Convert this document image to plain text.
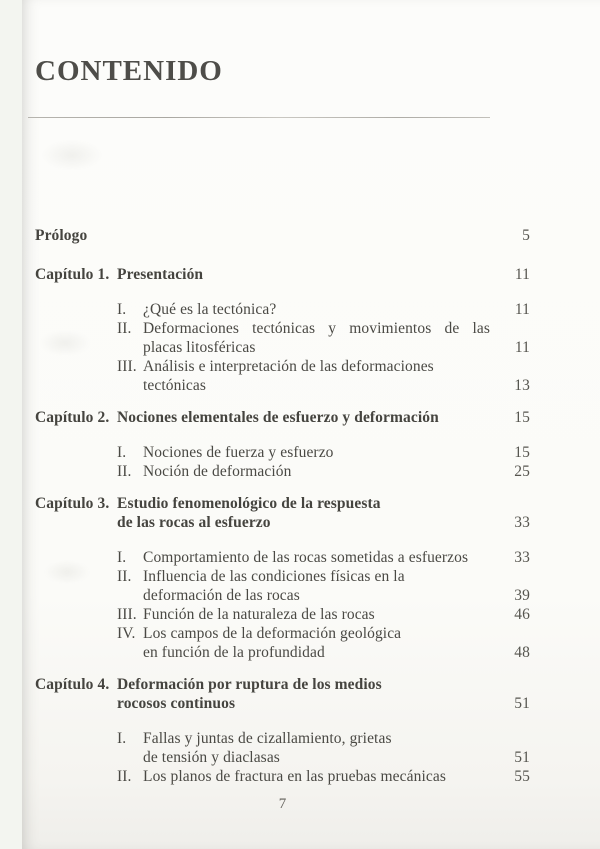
CONTENIDO
Prólogo	5
Capítulo 1. Presentación	11
I.	¿Qué es la tectónica?	11
II. Deformaciones tectónicas y movimientos de las
placas litosféricas	11
III. Análisis e interpretación de las deformaciones
tectónicas	13
Capítulo 2. Nociones elementales de esfuerzo y deformación	15
I.	Nociones de fuerza y esfuerzo	15
II. Noción de deformación	25
Capítulo 3. Estudio fenomenológico de la respuesta
de las rocas al esfuerzo	33
I.	Comportamiento de las rocas sometidas a esfuerzos	33
II. Influencia de las condiciones físicas en la
deformación de las rocas	39
III. Función de la naturaleza de las rocas	46
IV. Los campos de la deformación geológica
en función de la profundidad	48
Capítulo 4. Deformación por ruptura de los medios
rocosos continuos	51
I.	Fallas y juntas de cizallamiento, grietas
de tensión y diaclasas	51
II. Los planos de fractura en las pruebas mecánicas	55
7
